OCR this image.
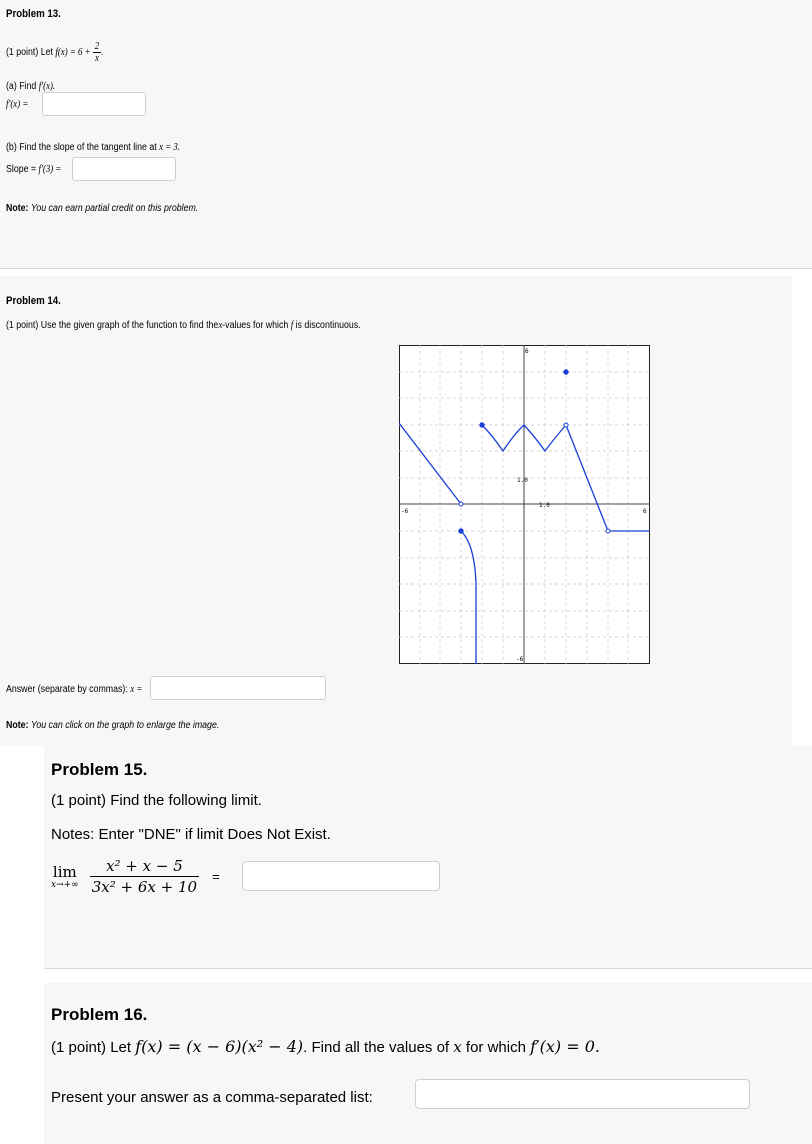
Problem 13.
(1 point) Let $f(x) = 6 + \frac{2}{x}$ .
(a) Find f′(x).
f′(x) =
(b) Find the slope of the tangent line at x = 3.
Slope = f′(3) =
Note: You can earn partial credit on this problem.
Problem 14.
(1 point) Use the given graph of the function to find thex-values for which f is discontinuous.
-6	6
6
-6
1.0
1.0
Answer (separate by commas): x =
Note: You can click on the graph to enlarge the image.
Problem 15.
(1 point) Find the following limit.
Notes: Enter "DNE" if limit Does Not Exist.
lim
x→+∞
$\frac{\text{x² + x − 5}}{\text{3x² + 6x + 10}}$ =
Problem 16.
(1 point) Let f(x) = (x − 6)(x² − 4). Find all the values of x for which f′(x) = 0.
Present your answer as a comma-separated list:
